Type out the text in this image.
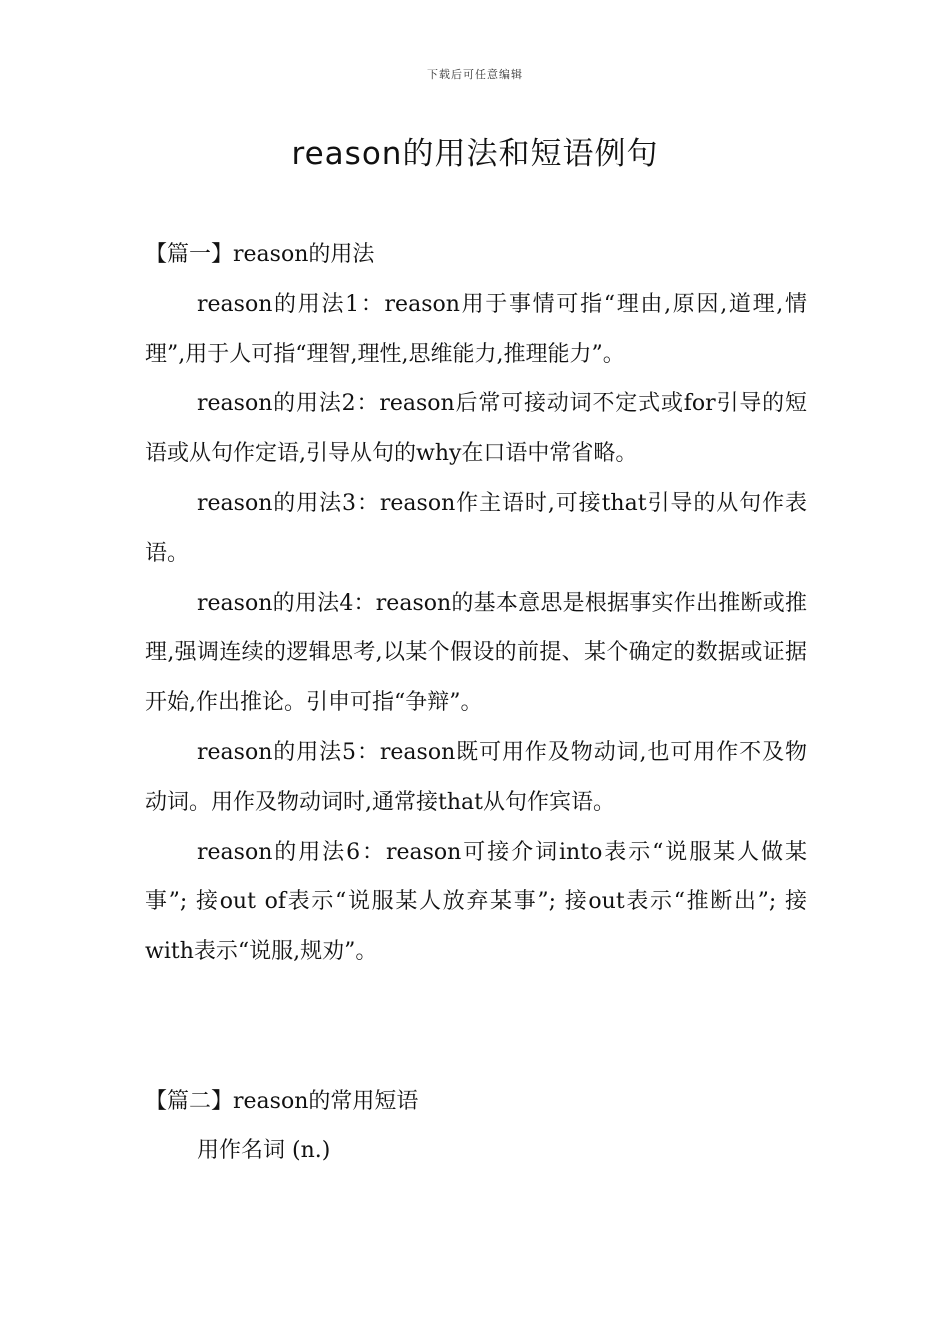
下载后可任意编辑
reason的用法和短语例句
【篇一】reason的用法

reason的用法1：reason用于事情可指“理由,原因,道理,情理”,用于人可指“理智,理性,思维能力,推理能力”。

reason的用法2：reason后常可接动词不定式或for引导的短语或从句作定语,引导从句的why在口语中常省略。

reason的用法3：reason作主语时,可接that引导的从句作表语。

reason的用法4：reason的基本意思是根据事实作出推断或推理,强调连续的逻辑思考,以某个假设的前提、某个确定的数据或证据开始,作出推论。引申可指“争辩”。

reason的用法5：reason既可用作及物动词,也可用作不及物动词。用作及物动词时,通常接that从句作宾语。

reason的用法6：reason可接介词into表示“说服某人做某事”; 接out of表示“说服某人放弃某事”; 接out表示“推断出”; 接with表示“说服,规劝”。

【篇二】reason的常用短语

用作名词 (n.)
